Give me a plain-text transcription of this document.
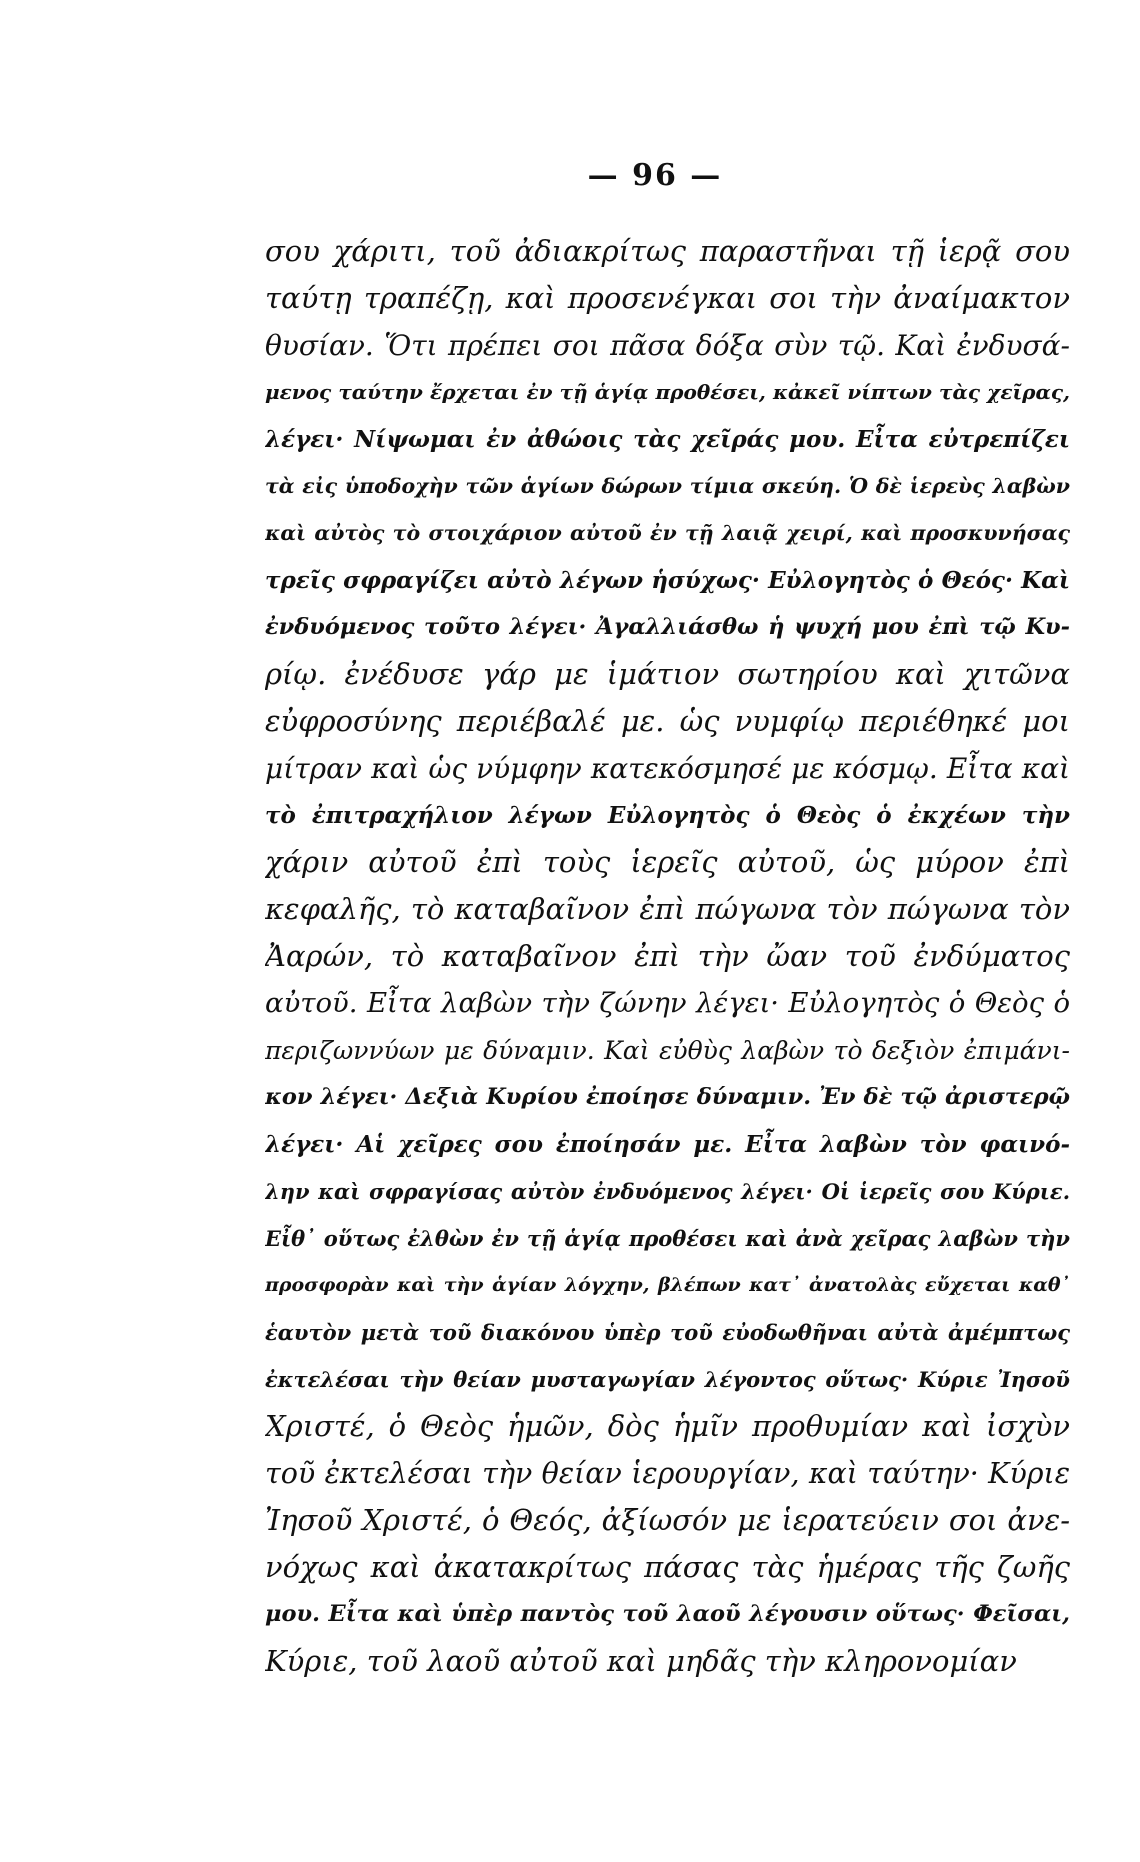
— 96 —
σου χάριτι, τοῦ ἀδιακρίτως παραστῆναι τῇ ἱερᾷ σου
ταύτῃ τραπέζῃ, καὶ προσενέγκαι σοι τὴν ἀναίμακτον
θυσίαν. Ὅτι πρέπει σοι πᾶσα δόξα σὺν τῷ. Καὶ ἐνδυσά-
μενος ταύτην ἔρχεται ἐν τῇ ἁγίᾳ προθέσει, κἀκεῖ νίπτων τὰς χεῖρας,
λέγει· Νίψωμαι ἐν ἀθώοις τὰς χεῖράς μου. Εἶτα εὐτρεπίζει
τὰ εἰς ὑποδοχὴν τῶν ἁγίων δώρων τίμια σκεύη. Ὁ δὲ ἱερεὺς λαβὼν
καὶ αὐτὸς τὸ στοιχάριον αὐτοῦ ἐν τῇ λαιᾷ χειρί, καὶ προσκυνήσας
τρεῖς σφραγίζει αὐτὸ λέγων ἡσύχως· Εὐλογητὸς ὁ Θεός· Καὶ
ἐνδυόμενος τοῦτο λέγει· Ἀγαλλιάσθω ἡ ψυχή μου ἐπὶ τῷ Κυ-
ρίῳ. ἐνέδυσε γάρ με ἱμάτιον σωτηρίου καὶ χιτῶνα
εὐφροσύνης περιέβαλέ με. ὡς νυμφίῳ περιέθηκέ μοι
μίτραν καὶ ὡς νύμφην κατεκόσμησέ με κόσμῳ. Εἶτα καὶ
τὸ ἐπιτραχήλιον λέγων Εὐλογητὸς ὁ Θεὸς ὁ ἐκχέων τὴν
χάριν αὐτοῦ ἐπὶ τοὺς ἱερεῖς αὐτοῦ, ὡς μύρον ἐπὶ
κεφαλῆς, τὸ καταβαῖνον ἐπὶ πώγωνα τὸν πώγωνα τὸν
Ἀαρών, τὸ καταβαῖνον ἐπὶ τὴν ὤαν τοῦ ἐνδύματος
αὐτοῦ. Εἶτα λαβὼν τὴν ζώνην λέγει· Εὐλογητὸς ὁ Θεὸς ὁ
περιζωννύων με δύναμιν. Καὶ εὐθὺς λαβὼν τὸ δεξιὸν ἐπιμάνι-
κον λέγει· Δεξιὰ Κυρίου ἐποίησε δύναμιν. Ἐν δὲ τῷ ἀριστερῷ
λέγει· Αἱ χεῖρες σου ἐποίησάν με. Εἶτα λαβὼν τὸν φαινό-
λην καὶ σφραγίσας αὐτὸν ἐνδυόμενος λέγει· Οἱ ἱερεῖς σου Κύριε.
Εἶθ᾽ οὕτως ἐλθὼν ἐν τῇ ἁγίᾳ προθέσει καὶ ἀνὰ χεῖρας λαβὼν τὴν
προσφορὰν καὶ τὴν ἁγίαν λόγχην, βλέπων κατ᾽ ἀνατολὰς εὔχεται καθ᾽
ἑαυτὸν μετὰ τοῦ διακόνου ὑπὲρ τοῦ εὐοδωθῆναι αὐτὰ ἀμέμπτως
ἐκτελέσαι τὴν θείαν μυσταγωγίαν λέγοντος οὕτως· Κύριε Ἰησοῦ
Χριστέ, ὁ Θεὸς ἡμῶν, δὸς ἡμῖν προθυμίαν καὶ ἰσχὺν
τοῦ ἐκτελέσαι τὴν θείαν ἱερουργίαν, καὶ ταύτην· Κύριε
Ἰησοῦ Χριστέ, ὁ Θεός, ἀξίωσόν με ἱερατεύειν σοι ἀνε-
νόχως καὶ ἀκατακρίτως πάσας τὰς ἡμέρας τῆς ζωῆς
μου. Εἶτα καὶ ὑπὲρ παντὸς τοῦ λαοῦ λέγουσιν οὕτως· Φεῖσαι,
Κύριε, τοῦ λαοῦ αὐτοῦ καὶ μηδᾶς τὴν κληρονομίαν
